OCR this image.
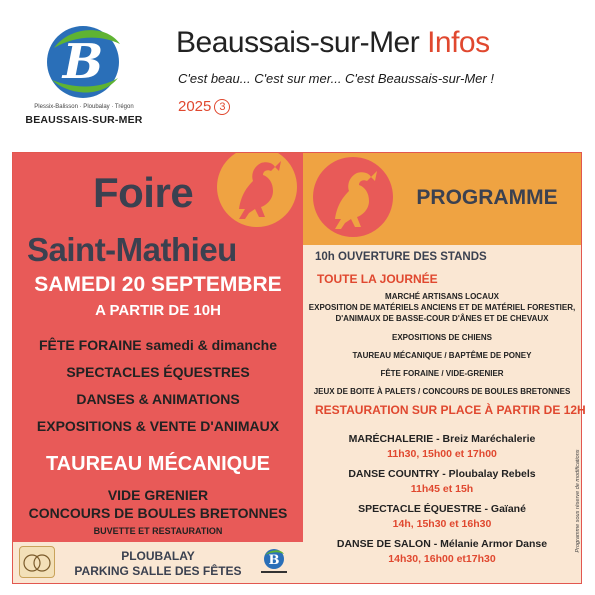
B
Plessix-Balisson · Ploubalay · Trégon
BEAUSSAIS-SUR-MER
Beaussais-sur-Mer Infos
C'est beau... C'est sur mer... C'est Beaussais-sur-Mer !
2025 3
Foire
Saint-Mathieu
SAMEDI 20 SEPTEMBRE
A PARTIR DE 10H
FÊTE FORAINE samedi & dimanche
SPECTACLES ÉQUESTRES
DANSES & ANIMATIONS
EXPOSITIONS & VENTE D'ANIMAUX
TAUREAU MÉCANIQUE
VIDE GRENIER
CONCOURS DE BOULES BRETONNES
BUVETTE ET RESTAURATION
PLOUBALAY
PARKING SALLE DES FÊTES
B
PROGRAMME
10h OUVERTURE DES STANDS
TOUTE LA JOURNÉE
MARCHÉ ARTISANS LOCAUX
EXPOSITION DE MATÉRIELS ANCIENS ET DE MATÉRIEL FORESTIER,
D'ANIMAUX DE BASSE-COUR D'ÂNES ET DE CHEVAUX
EXPOSITIONS DE CHIENS
TAUREAU MÉCANIQUE / BAPTÊME DE PONEY
FÊTE FORAINE / VIDE-GRENIER
JEUX DE BOITE À PALETS / CONCOURS DE BOULES BRETONNES
RESTAURATION SUR PLACE À PARTIR DE 12H
MARÉCHALERIE - Breiz Maréchalerie
11h30, 15h00 et 17h00
DANSE COUNTRY - Ploubalay Rebels
11h45 et 15h
SPECTACLE ÉQUESTRE - Gaïané
14h, 15h30 et 16h30
DANSE DE SALON - Mélanie Armor Danse
14h30, 16h00 et17h30
Programme sous réserve de modifications
